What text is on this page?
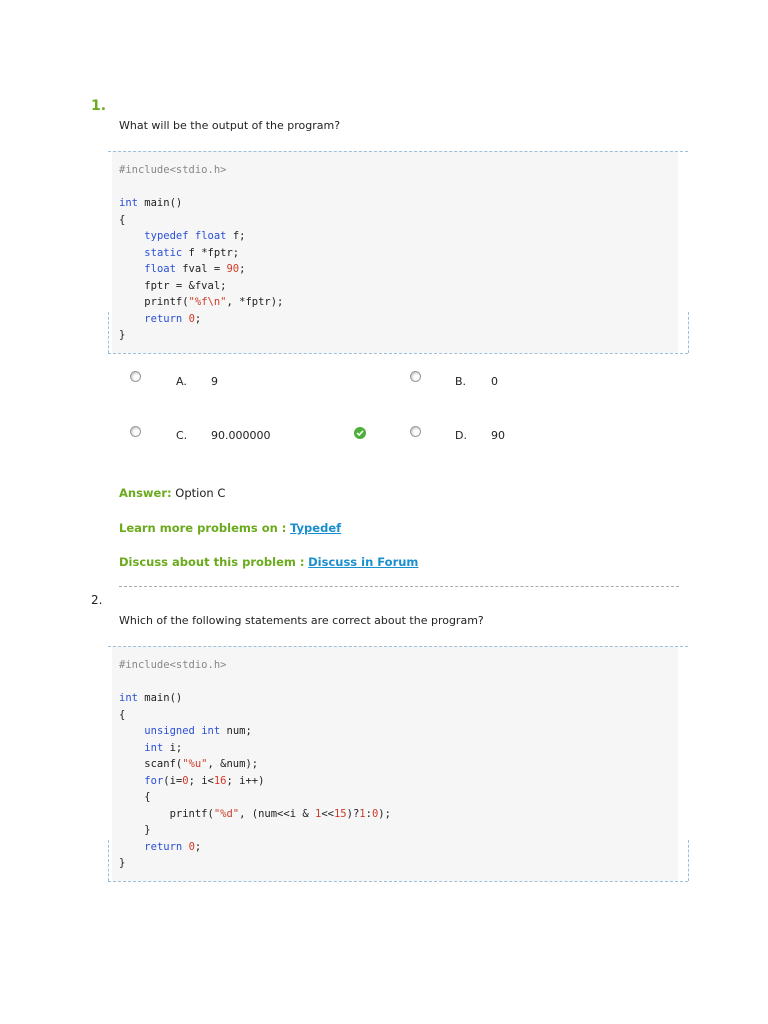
1.
What will be the output of the program?
#include<stdio.h>

int main()
{
typedef float f;
static f *fptr;
float fval = 90;
fptr = &fval;
printf("%f\n", *fptr);
return 0;
}
A. 9	B. 0
C. 90.000000	D. 90
Answer: Option C
Learn more problems on : Typedef
Discuss about this problem : Discuss in Forum
2.
Which of the following statements are correct about the program?
#include<stdio.h>

int main()
{
unsigned int num;
int i;
scanf("%u", &num);
for(i=0; i<16; i++)
{
printf("%d", (num<<i & 1<<15)?1:0);
}
return 0;
}
